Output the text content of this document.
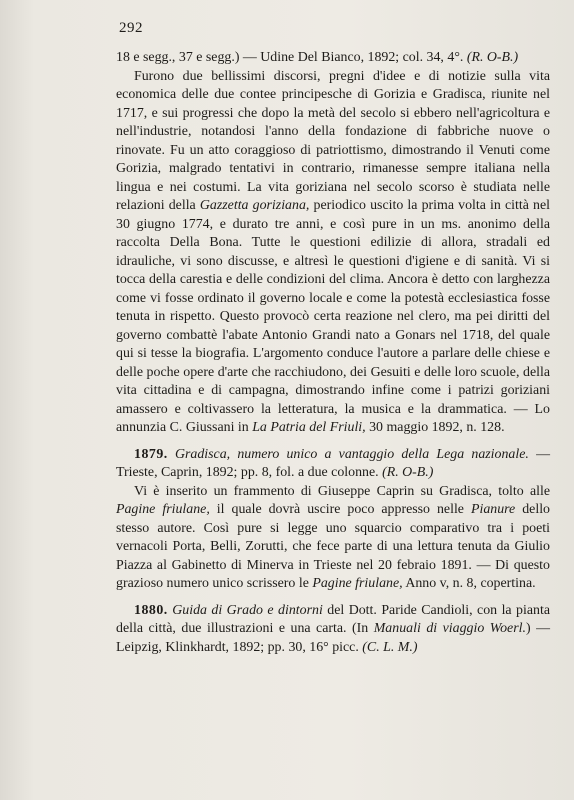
292

18 e segg., 37 e segg.) — Udine Del Bianco, 1892; col. 34, 4°. (R. O-B.)

Furono due bellissimi discorsi, pregni d'idee e di notizie sulla vita economica delle due contee principesche di Gorizia e Gradisca, riunite nel 1717, e sui progressi che dopo la metà del secolo si ebbero nell'agricoltura e nell'industrie, notandosi l'anno della fondazione di fabbriche nuove o rinovate. Fu un atto coraggioso di patriottismo, dimostrando il Venuti come Gorizia, malgrado tentativi in contrario, rimanesse sempre italiana nella lingua e nei costumi. La vita goriziana nel secolo scorso è studiata nelle relazioni della Gazzetta goriziana, periodico uscito la prima volta in città nel 30 giugno 1774, e durato tre anni, e così pure in un ms. anonimo della raccolta Della Bona. Tutte le questioni edilizie di allora, stradali ed idrauliche, vi sono discusse, e altresì le questioni d'igiene e di sanità. Vi si tocca della carestia e delle condizioni del clima. Ancora è detto con larghezza come vi fosse ordinato il governo locale e come la potestà ecclesiastica fosse tenuta in rispetto. Questo provocò certa reazione nel clero, ma pei diritti del governo combattè l'abate Antonio Grandi nato a Gonars nel 1718, del quale qui si tesse la biografia. L'argomento conduce l'autore a parlare delle chiese e delle poche opere d'arte che racchiudono, dei Gesuiti e delle loro scuole, della vita cittadina e di campagna, dimostrando infine come i patrizi goriziani amassero e coltivassero la letteratura, la musica e la drammatica. — Lo annunzia C. Giussani in La Patria del Friuli, 30 maggio 1892, n. 128.

1879. Gradisca, numero unico a vantaggio della Lega nazionale. — Trieste, Caprin, 1892; pp. 8, fol. a due colonne. (R. O-B.)

Vi è inserito un frammento di Giuseppe Caprin su Gradisca, tolto alle Pagine friulane, il quale dovrà uscire poco appresso nelle Pianure dello stesso autore. Così pure si legge uno squarcio comparativo tra i poeti vernacoli Porta, Belli, Zorutti, che fece parte di una lettura tenuta da Giulio Piazza al Gabinetto di Minerva in Trieste nel 20 febraio 1891. — Di questo grazioso numero unico scrissero le Pagine friulane, Anno v, n. 8, copertina.

1880. Guida di Grado e dintorni del Dott. Paride Candioli, con la pianta della città, due illustrazioni e una carta. (In Manuali di viaggio Woerl.) — Leipzig, Klinkhardt, 1892; pp. 30, 16° picc. (C. L. M.)
